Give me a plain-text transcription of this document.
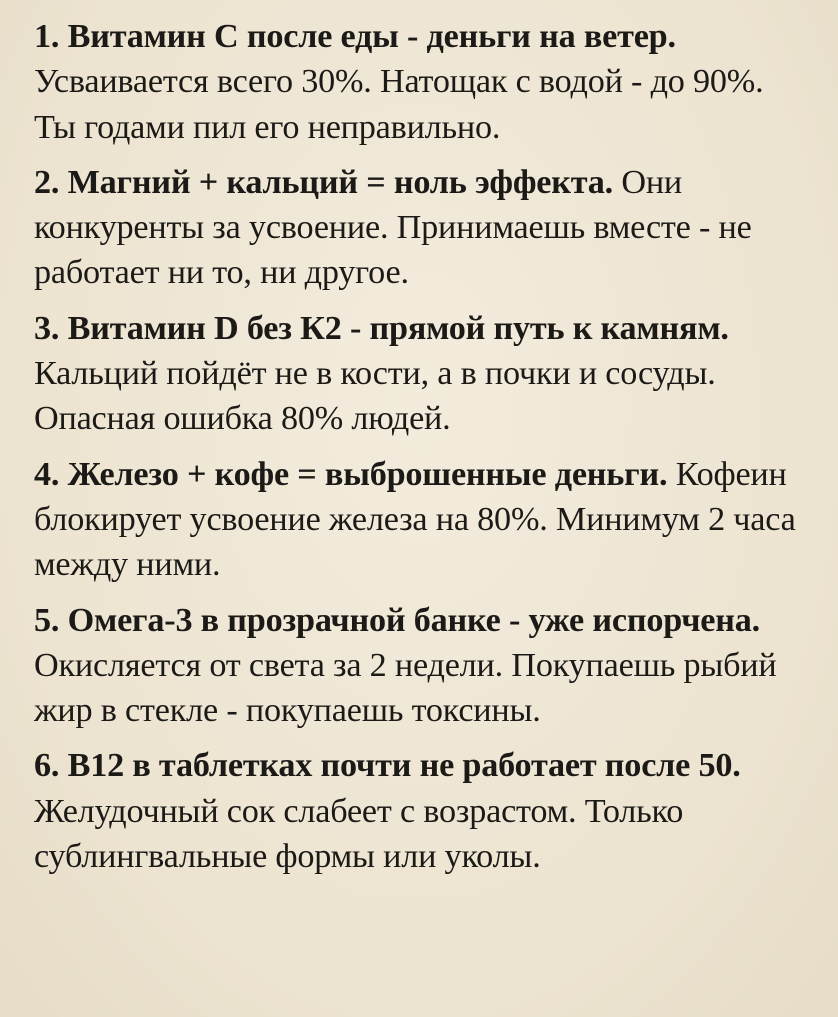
1. Витамин C после еды - деньги на ветер. Усваивается всего 30%. Натощак с водой - до 90%. Ты годами пил его неправильно.

2. Магний + кальций = ноль эффекта. Они конкуренты за усвоение. Принимаешь вместе - не работает ни то, ни другое.

3. Витамин D без К2 - прямой путь к камням. Кальций пойдёт не в кости, а в почки и сосуды. Опасная ошибка 80% людей.

4. Железо + кофе = выброшенные деньги. Кофеин блокирует усвоение железа на 80%. Минимум 2 часа между ними.

5. Омега-3 в прозрачной банке - уже испорчена. Окисляется от света за 2 недели. Покупаешь рыбий жир в стекле - покупаешь токсины.

6. B12 в таблетках почти не работает после 50. Желудочный сок слабеет с возрастом. Только сублингвальные формы или уколы.
